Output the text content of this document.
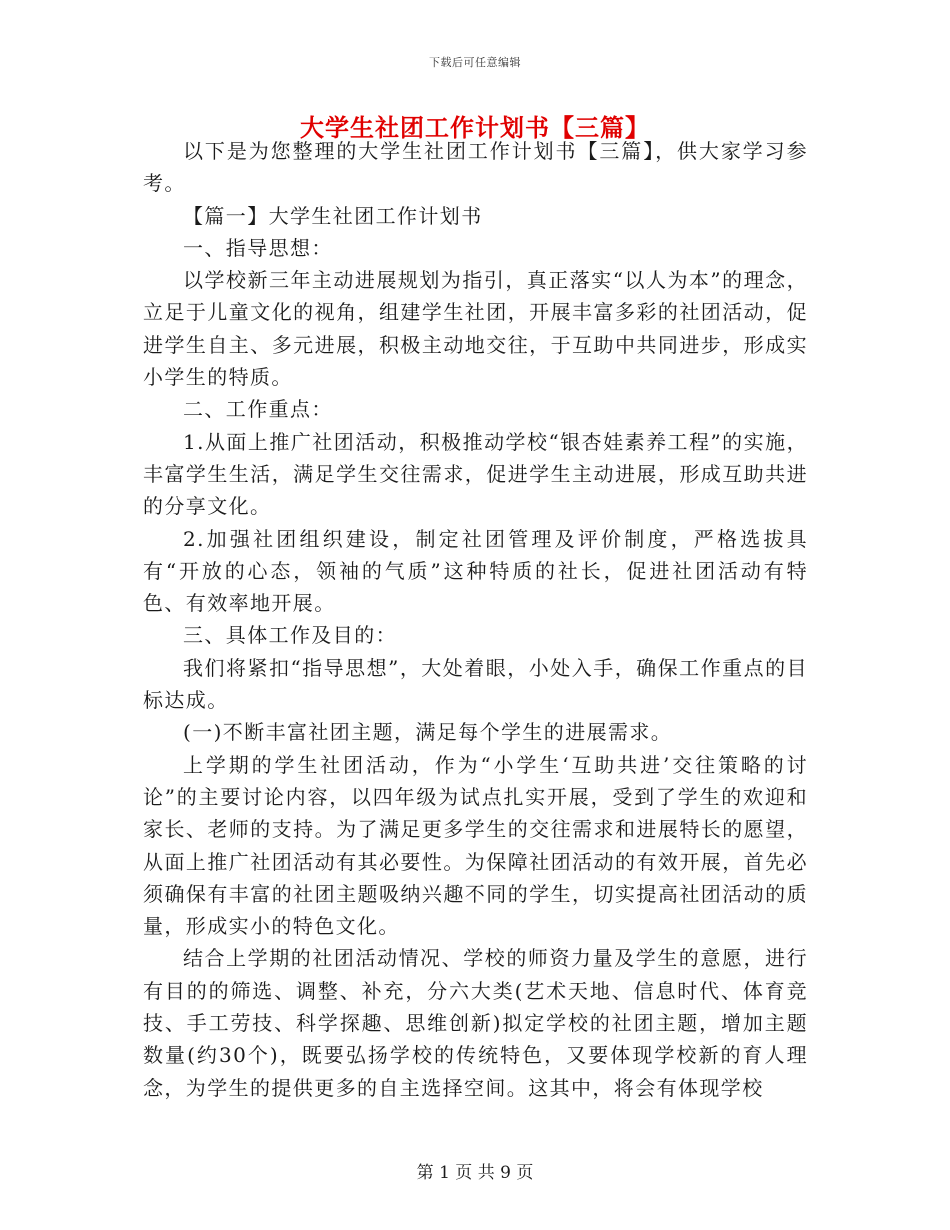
下载后可任意编辑
大学生社团工作计划书【三篇】

以下是为您整理的大学生社团工作计划书【三篇】，供大家学习参考。

【篇一】大学生社团工作计划书

一、指导思想：

以学校新三年主动进展规划为指引，真正落实“以人为本”的理念，立足于儿童文化的视角，组建学生社团，开展丰富多彩的社团活动，促进学生自主、多元进展，积极主动地交往，于互助中共同进步，形成实小学生的特质。

二、工作重点：

1.从面上推广社团活动，积极推动学校“银杏娃素养工程”的实施，丰富学生生活，满足学生交往需求，促进学生主动进展，形成互助共进的分享文化。

2.加强社团组织建设，制定社团管理及评价制度，严格选拔具有“开放的心态，领袖的气质”这种特质的社长，促进社团活动有特色、有效率地开展。

三、具体工作及目的：

我们将紧扣“指导思想”，大处着眼，小处入手，确保工作重点的目标达成。

(一)不断丰富社团主题，满足每个学生的进展需求。

上学期的学生社团活动，作为“小学生‘互助共进’交往策略的讨论”的主要讨论内容，以四年级为试点扎实开展，受到了学生的欢迎和家长、老师的支持。为了满足更多学生的交往需求和进展特长的愿望，从面上推广社团活动有其必要性。为保障社团活动的有效开展，首先必须确保有丰富的社团主题吸纳兴趣不同的学生，切实提高社团活动的质量，形成实小的特色文化。

结合上学期的社团活动情况、学校的师资力量及学生的意愿，进行有目的的筛选、调整、补充，分六大类(艺术天地、信息时代、体育竞技、手工劳技、科学探趣、思维创新)拟定学校的社团主题，增加主题数量(约30个)，既要弘扬学校的传统特色，又要体现学校新的育人理念，为学生的提供更多的自主选择空间。这其中，将会有体现学校

第 1 页 共 9 页
